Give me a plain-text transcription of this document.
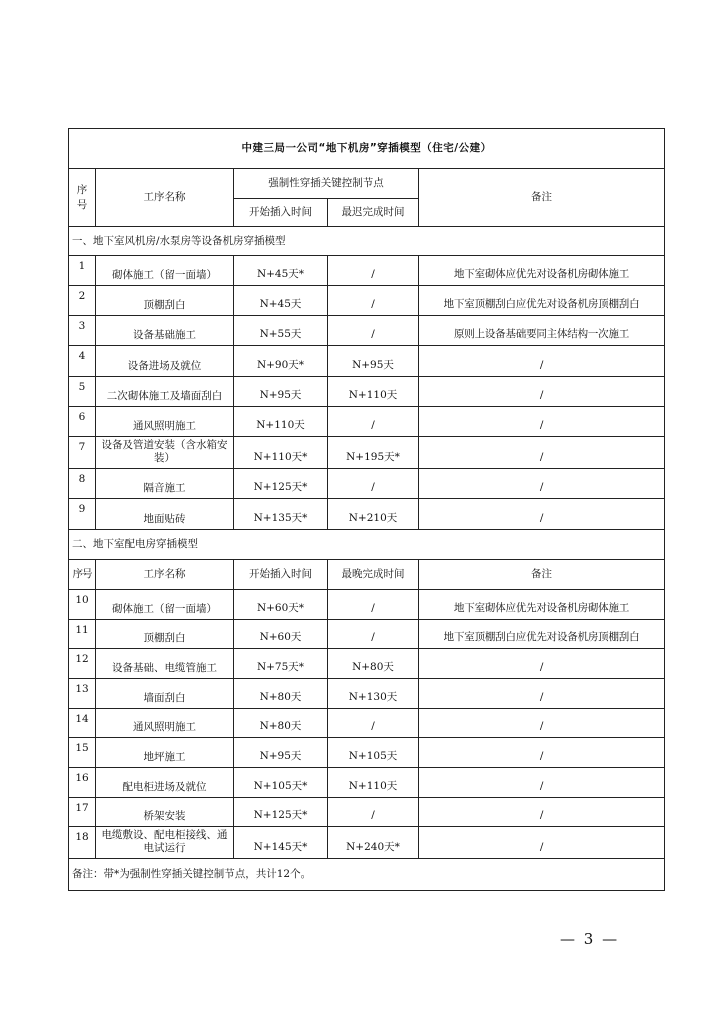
中建三局一公司“地下机房”穿插模型（住宅/公建）				
序号	工序名称	强制性穿插关键控制节点		备注
		开始插入时间	最迟完成时间	
一、地下室风机房/水泵房等设备机房穿插模型				
1	砌体施工（留一面墙）	N+45天*	/	地下室砌体应优先对设备机房砌体施工
2	顶棚刮白	N+45天	/	地下室顶棚刮白应优先对设备机房顶棚刮白
3	设备基础施工	N+55天	/	原则上设备基础要同主体结构一次施工
4	设备进场及就位	N+90天*	N+95天	/
5	二次砌体施工及墙面刮白	N+95天	N+110天	/
6	通风照明施工	N+110天	/	/
7	设备及管道安装（含水箱安装）	N+110天*	N+195天*	/
8	隔音施工	N+125天*	/	/
9	地面贴砖	N+135天*	N+210天	/
二、地下室配电房穿插模型				
序号	工序名称	开始插入时间	最晚完成时间	备注
10	砌体施工（留一面墙）	N+60天*	/	地下室砌体应优先对设备机房砌体施工
11	顶棚刮白	N+60天	/	地下室顶棚刮白应优先对设备机房顶棚刮白
12	设备基础、电缆管施工	N+75天*	N+80天	/
13	墙面刮白	N+80天	N+130天	/
14	通风照明施工	N+80天	/	/
15	地坪施工	N+95天	N+105天	/
16	配电柜进场及就位	N+105天*	N+110天	/
17	桥架安装	N+125天*	/	/
18	电缆敷设、配电柜接线、通电试运行	N+145天*	N+240天*	/
备注：带*为强制性穿插关键控制节点，共计12个。				
— 3 —
